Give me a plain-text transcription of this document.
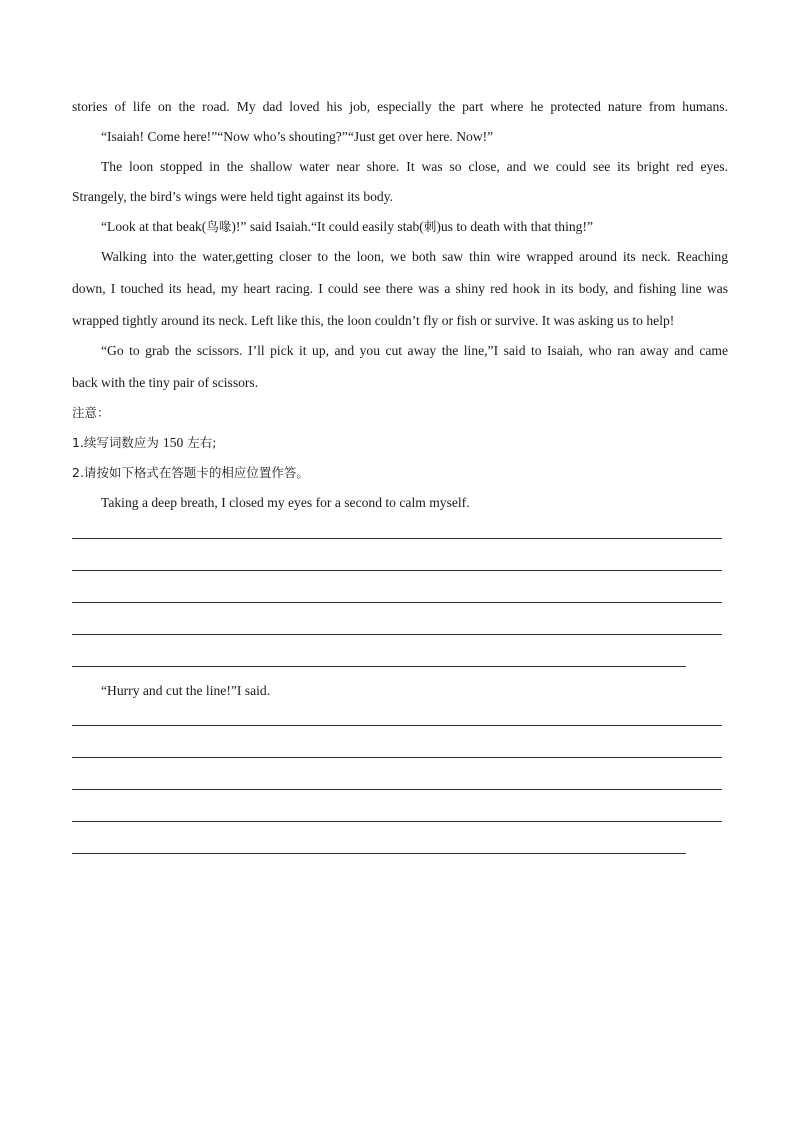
stories of life on the road. My dad loved his job, especially the part where he protected nature from humans.
“Isaiah! Come here!”“Now who’s shouting?”“Just get over here. Now!”
The loon stopped in the shallow water near shore. It was so close, and we could see its bright red eyes.
Strangely, the bird’s wings were held tight against its body.
“Look at that beak(鸟喙)!” said Isaiah.“It could easily stab(刺)us to death with that thing!”
Walking into the water,getting closer to the loon, we both saw thin wire wrapped around its neck. Reaching
down, I touched its head, my heart racing. I could see there was a shiny red hook in its body, and fishing line was
wrapped tightly around its neck. Left like this, the loon couldn’t fly or fish or survive. It was asking us to help!
“Go to grab the scissors. I’ll pick it up, and you cut away the line,”I said to Isaiah, who ran away and came
back with the tiny pair of scissors.
注意：
1.续写词数应为 150 左右;
2.请按如下格式在答题卡的相应位置作答。
Taking a deep breath, I closed my eyes for a second to calm myself.
“Hurry and cut the line!”I said.
